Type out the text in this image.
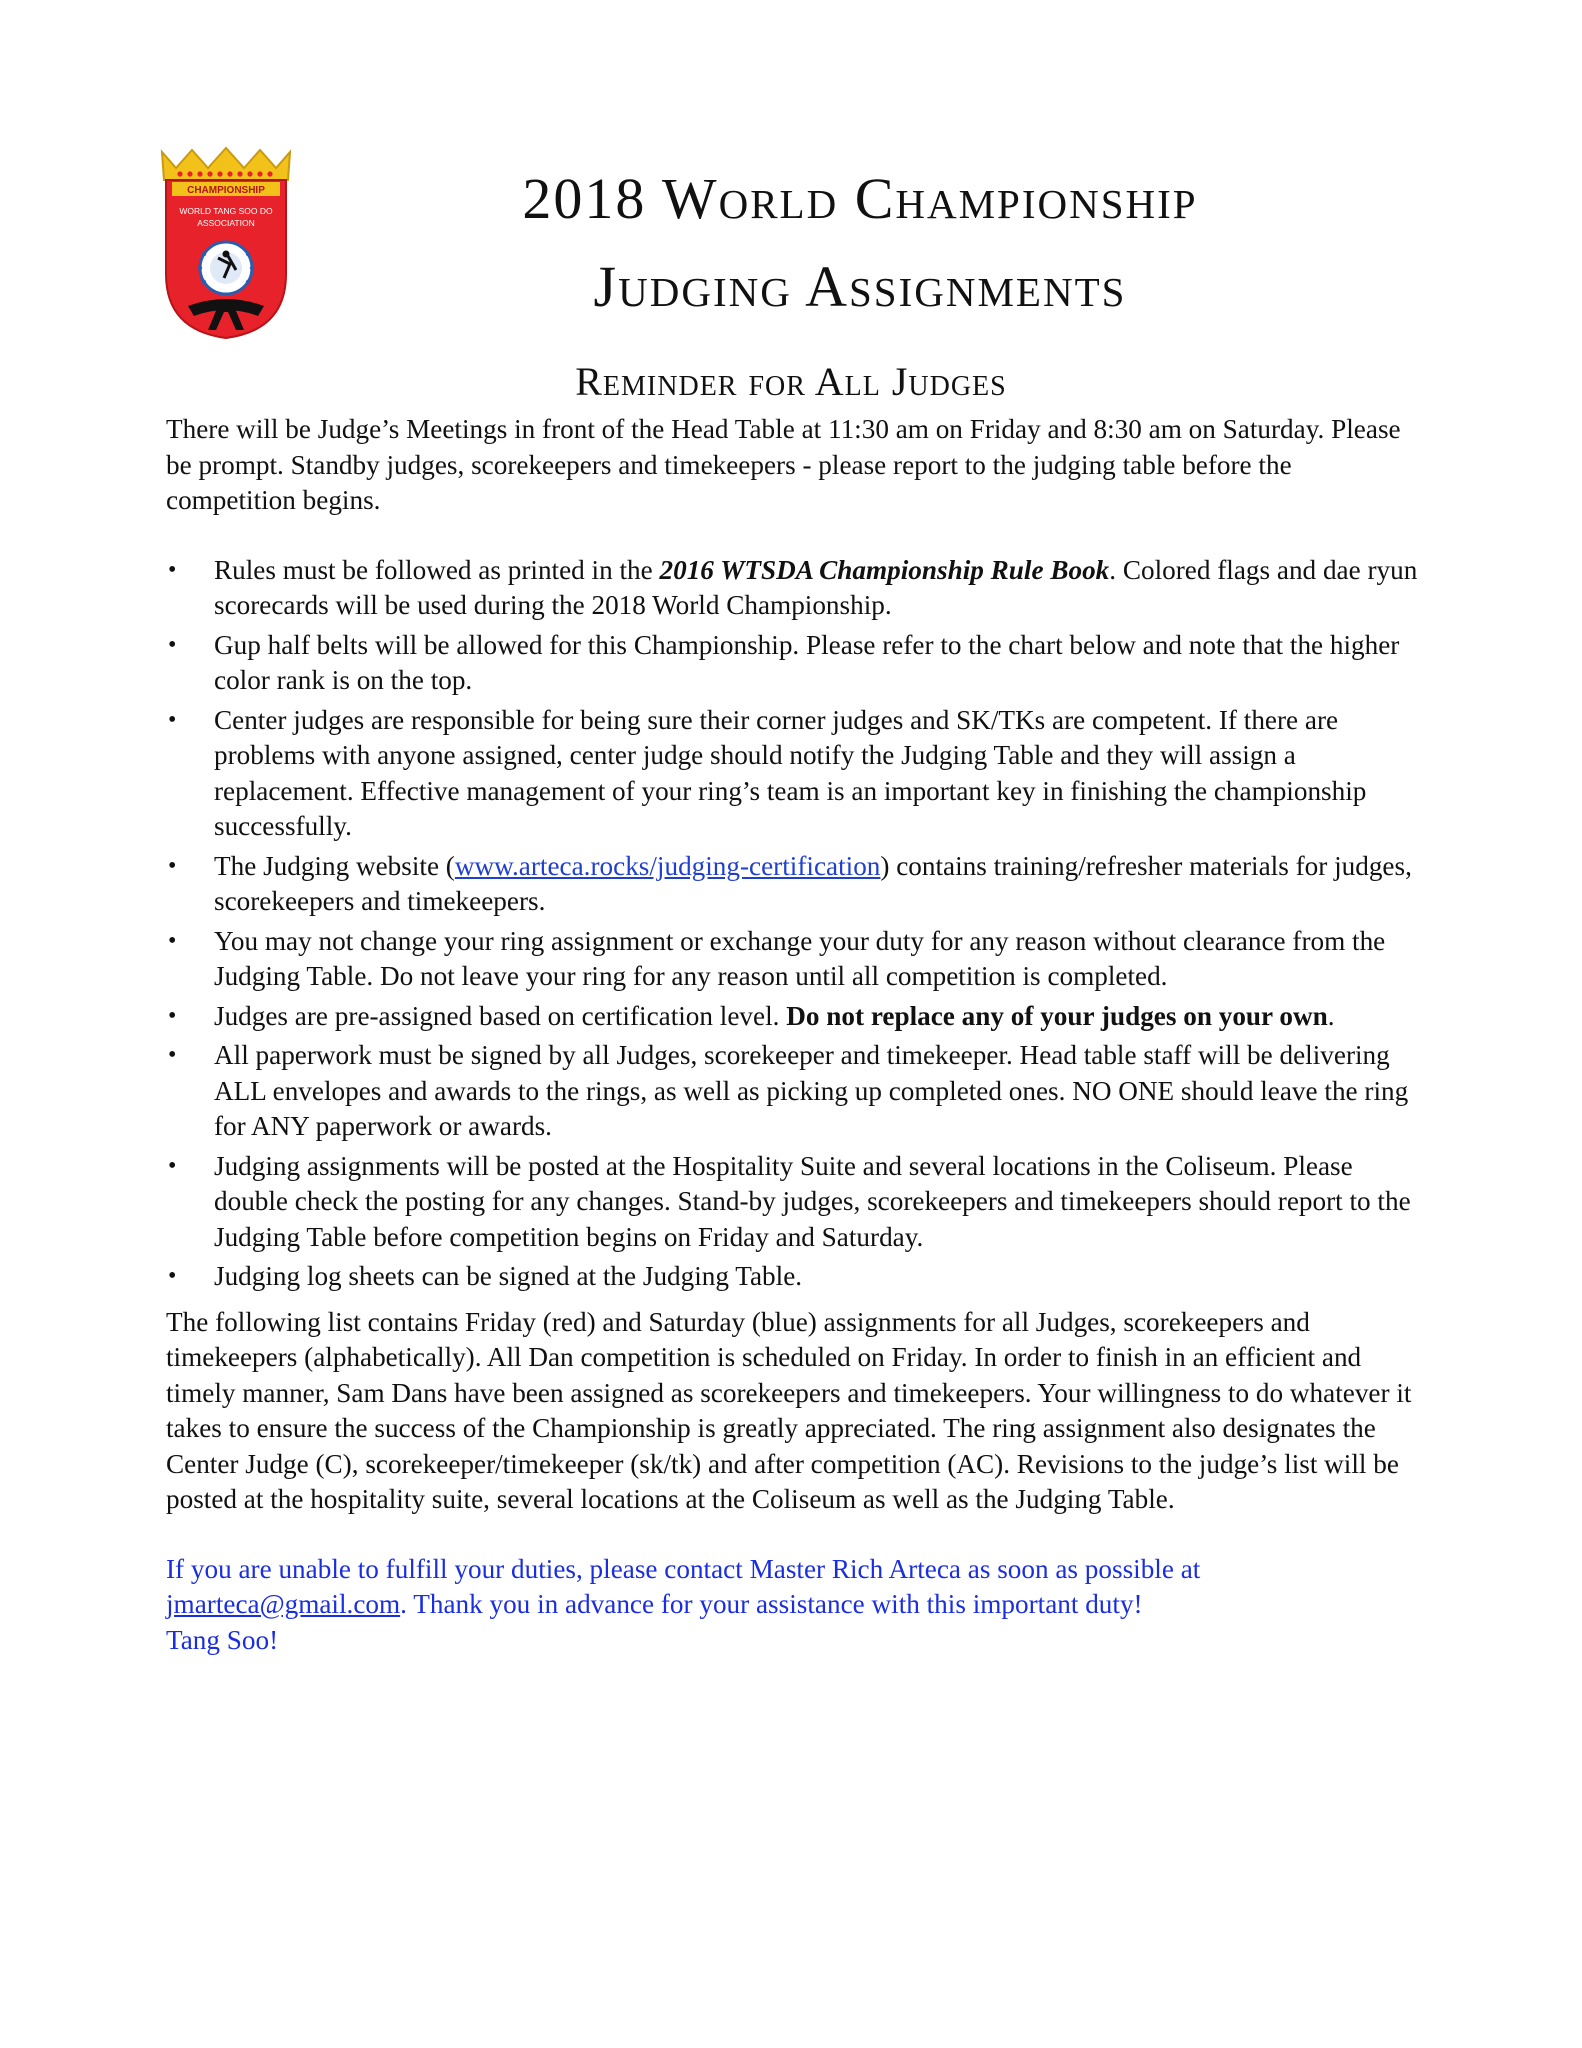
CHAMPIONSHIP
WORLD TANG SOO DO
ASSOCIATION	2018 World Championship
Judging Assignments
Reminder for All Judges

There will be Judge’s Meetings in front of the Head Table at 11:30 am on Friday and 8:30 am on Saturday. Please be prompt. Standby judges, scorekeepers and timekeepers - please report to the judging table before the competition begins.

• Rules must be followed as printed in the 2016 WTSDA Championship Rule Book. Colored flags and dae ryun scorecards will be used during the 2018 World Championship.
• Gup half belts will be allowed for this Championship. Please refer to the chart below and note that the higher color rank is on the top.
• Center judges are responsible for being sure their corner judges and SK/TKs are competent. If there are problems with anyone assigned, center judge should notify the Judging Table and they will assign a replacement. Effective management of your ring’s team is an important key in finishing the championship successfully.
• The Judging website (www.arteca.rocks/judging-certification) contains training/refresher materials for judges, scorekeepers and timekeepers.
• You may not change your ring assignment or exchange your duty for any reason without clearance from the Judging Table. Do not leave your ring for any reason until all competition is completed.
• Judges are pre-assigned based on certification level. Do not replace any of your judges on your own.
• All paperwork must be signed by all Judges, scorekeeper and timekeeper. Head table staff will be delivering ALL envelopes and awards to the rings, as well as picking up completed ones. NO ONE should leave the ring for ANY paperwork or awards.
• Judging assignments will be posted at the Hospitality Suite and several locations in the Coliseum. Please double check the posting for any changes. Stand-by judges, scorekeepers and timekeepers should report to the Judging Table before competition begins on Friday and Saturday.
• Judging log sheets can be signed at the Judging Table.

The following list contains Friday (red) and Saturday (blue) assignments for all Judges, scorekeepers and timekeepers (alphabetically). All Dan competition is scheduled on Friday. In order to finish in an efficient and timely manner, Sam Dans have been assigned as scorekeepers and timekeepers. Your willingness to do whatever it takes to ensure the success of the Championship is greatly appreciated. The ring assignment also designates the Center Judge (C), scorekeeper/timekeeper (sk/tk) and after competition (AC). Revisions to the judge’s list will be posted at the hospitality suite, several locations at the Coliseum as well as the Judging Table.

If you are unable to fulfill your duties, please contact Master Rich Arteca as soon as possible at jmarteca@gmail.com. Thank you in advance for your assistance with this important duty!
Tang Soo!
